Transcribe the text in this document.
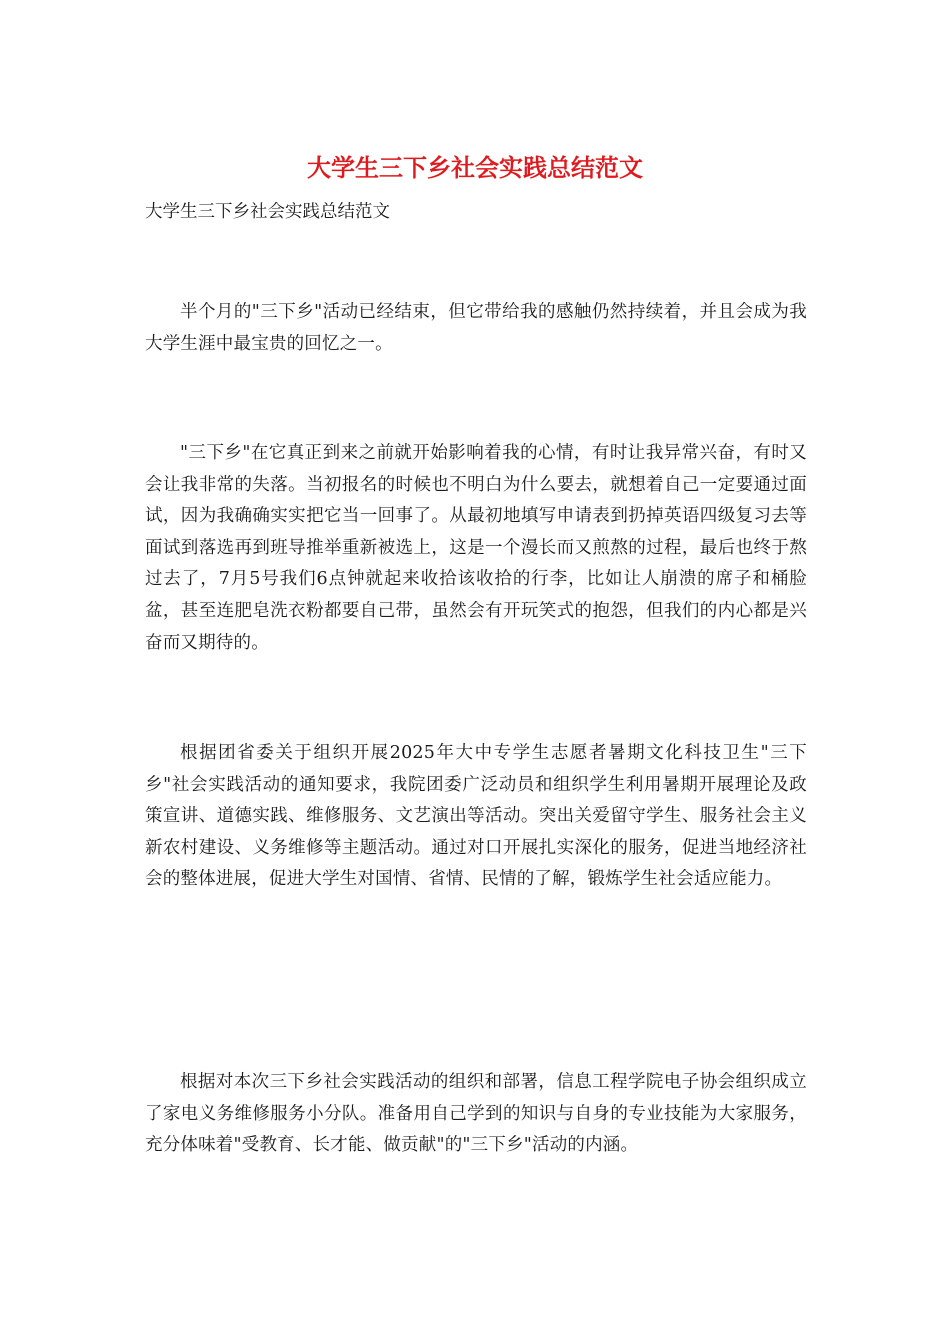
大学生三下乡社会实践总结范文

大学生三下乡社会实践总结范文

半个月的"三下乡"活动已经结束，但它带给我的感触仍然持续着，并且会成为我大学生涯中最宝贵的回忆之一。

"三下乡"在它真正到来之前就开始影响着我的心情，有时让我异常兴奋，有时又会让我非常的失落。当初报名的时候也不明白为什么要去，就想着自己一定要通过面试，因为我确确实实把它当一回事了。从最初地填写申请表到扔掉英语四级复习去等面试到落选再到班导推举重新被选上，这是一个漫长而又煎熬的过程，最后也终于熬过去了，7月5号我们6点钟就起来收拾该收拾的行李，比如让人崩溃的席子和桶脸盆，甚至连肥皂洗衣粉都要自己带，虽然会有开玩笑式的抱怨，但我们的内心都是兴奋而又期待的。

根据团省委关于组织开展2025年大中专学生志愿者暑期文化科技卫生"三下乡"社会实践活动的通知要求，我院团委广泛动员和组织学生利用暑期开展理论及政策宣讲、道德实践、维修服务、文艺演出等活动。突出关爱留守学生、服务社会主义新农村建设、义务维修等主题活动。通过对口开展扎实深化的服务，促进当地经济社会的整体进展，促进大学生对国情、省情、民情的了解，锻炼学生社会适应能力。

根据对本次三下乡社会实践活动的组织和部署，信息工程学院电子协会组织成立了家电义务维修服务小分队。准备用自己学到的知识与自身的专业技能为大家服务，充分体味着"受教育、长才能、做贡献"的"三下乡"活动的内涵。
